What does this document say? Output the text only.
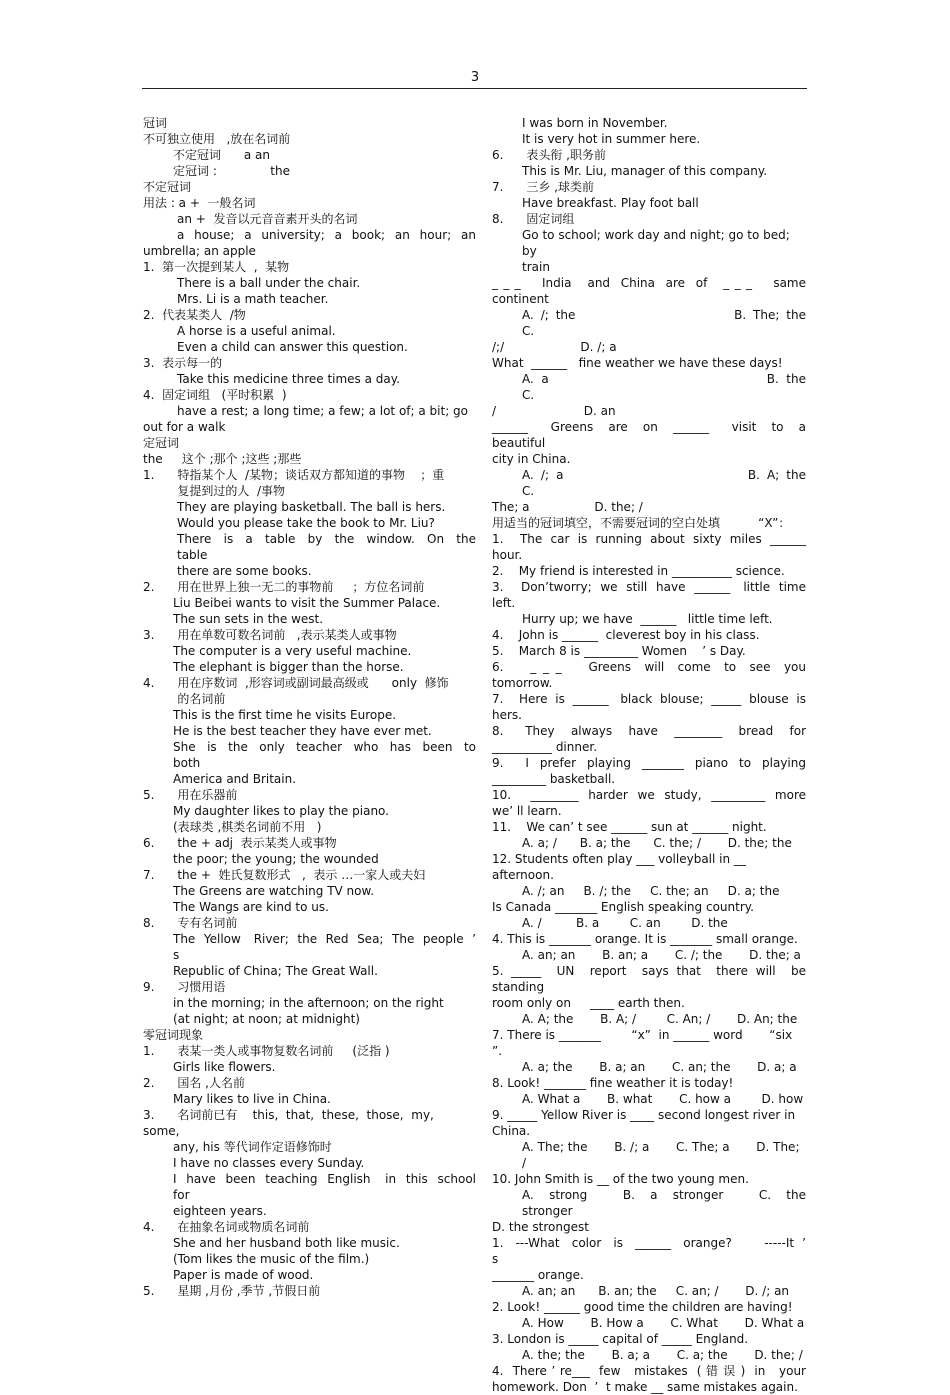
3
冠词
不可独立使用   ,放在名词前
不定冠词      a an
定冠词 :              the
不定冠词
用法 : a +  一般名词
an +  发音以元音音素开头的名词
a  house;  a  university;  a  book;  an  hour;  an
umbrella; an apple
1.  第一次提到某人  ,  某物
There is a ball under the chair.
Mrs. Li is a math teacher.
2.  代表某类人  /物
A horse is a useful animal.
Even a child can answer this question.
3.  表示每一的
Take this medicine three times a day.
4.  固定词组   (平时积累  )
have a rest; a long time; a few; a lot of; a bit; go
out for a walk
定冠词
the     这个 ;那个 ;这些 ;那些
1.      特指某个人  /某物；谈话双方都知道的事物    ；重
复提到过的人  /事物
They are playing basketball. The ball is hers.
Would you please take the book to Mr. Liu?
There  is  a  table  by  the  window.  On  the  table
there are some books.
2.      用在世界上独一无二的事物前     ；方位名词前
Liu Beibei wants to visit the Summer Palace.
The sun sets in the west.
3.      用在单数可数名词前   ,表示某类人或事物
The computer is a very useful machine.
The elephant is bigger than the horse.
4.      用在序数词  ,形容词或副词最高级或      only  修饰
的名词前
This is the first time he visits Europe.
He is the best teacher they have ever met.
She  is  the  only  teacher  who  has  been  to  both
America and Britain.
5.      用在乐器前
My daughter likes to play the piano.
(表球类 ,棋类名词前不用   )
6.      the + adj  表示某类人或事物
the poor; the young; the wounded
7.      the +  姓氏复数形式   ,  表示 …一家人或夫妇
The Greens are watching TV now.
The Wangs are kind to us.
8.      专有名词前
The  Yellow   River;  the  Red  Sea;  The  people  ’ s
Republic of China; The Great Wall.
9.      习惯用语
in the morning; in the afternoon; on the right
(at night; at noon; at midnight)
零冠词现象
1.      表某一类人或事物复数名词前     (泛指 )
Girls like flowers.
2.      国名 ,人名前
Mary likes to live in China.
3.      名词前已有    this,  that,  these,  those,  my,  some,
any, his 等代词作定语修饰时
I have no classes every Sunday.
I  have  been  teaching  English   in  this  school  for
eighteen years.
4.      在抽象名词或物质名词前
She and her husband both like music.
(Tom likes the music of the film.)
Paper is made of wood.
5.      星期 ,月份 ,季节 ,节假日前
I was born in November.
It is very hot in summer here.
6.      表头衔 ,职务前
This is Mr. Liu, manager of this company.
7.      三乡 ,球类前
Have breakfast. Play foot ball
8.      固定词组
Go to school; work day and night; go to bed; by
train
_ _ _    India   and  China  are  of   _ _ _    same
continent
A. /; the                       B. The; the                    C.
/;/                    D. /; a
What  ______   fine weather we have these days!
A. a                             B. the                           C.
/                       D. an
______   Greens  are  on  ______   visit  to  a  beautiful
city in China.
A. /; a                          B. A; the                        C.
The; a                 D. the; /
用适当的冠词填空，不需要冠词的空白处填          “X”：
1.    The  car  is  running  about  sixty  miles  ______
hour.
2.    My friend is interested in __________ science.
3.    Don’tworry;  we  still  have  ______   little  time
left.
Hurry up; we have  ______   little time left.
4.    John is ______  cleverest boy in his class.
5.    March 8 is _________ Women    ’ s Day.
6.    _ _ _    Greens  will  come  to  see  you
tomorrow.
7.    Here  is  ______   black  blouse;  _____  blouse  is
hers.
8.    They   always   have   ________   bread   for
__________ dinner.
9.    I  prefer  playing  _______  piano  to  playing
_________ basketball.
10.    ________  harder  we  study,  _________  more
we’ ll learn.
11.    We can’ t see ______ sun at ______ night.
A. a; /      B. a; the      C. the; /       D. the; the
12. Students often play ___ volleyball in __ afternoon.
A. /; an     B. /; the     C. the; an     D. a; the
Is Canada _______ English speaking country.
A. /         B. a        C. an        D. the
4. This is _______ orange. It is _______ small orange.
A. an; an       B. an; a       C. /; the       D. the; a
5. _____  UN  report  says that  there will  be standing
room only on     ____ earth then.
A. A; the       B. A; /        C. An; /       D. An; the
7. There is _______        “x”  in ______ word       “six ”.
A. a; the       B. a; an       C. an; the       D. a; a
8. Look! _______ fine weather it is today!
A. What a       B. what       C. how a        D. how
9. _____ Yellow River is ____ second longest river in
China.
A. The; the       B. /; a       C. The; a       D. The; /
10. John Smith is __ of the two young men.
A.   strong       B.   a   stronger       C.   the   stronger
D. the strongest
1.   ---What   color   is   ______   orange?        -----It  ’ s
_______ orange.
A. an; an      B. an; the     C. an; /       D. /; an
2. Look! ______ good time the children are having!
A. How       B. How a       C. What       D. What a
3. London is _____ capital of _____ England.
A. the; the       B. a; a       C. a; the       D. the; /
4.  There ’ re___  few   mistakes  ( 错 误 )  in   your
homework. Don  ’  t make __ same mistakes again.
